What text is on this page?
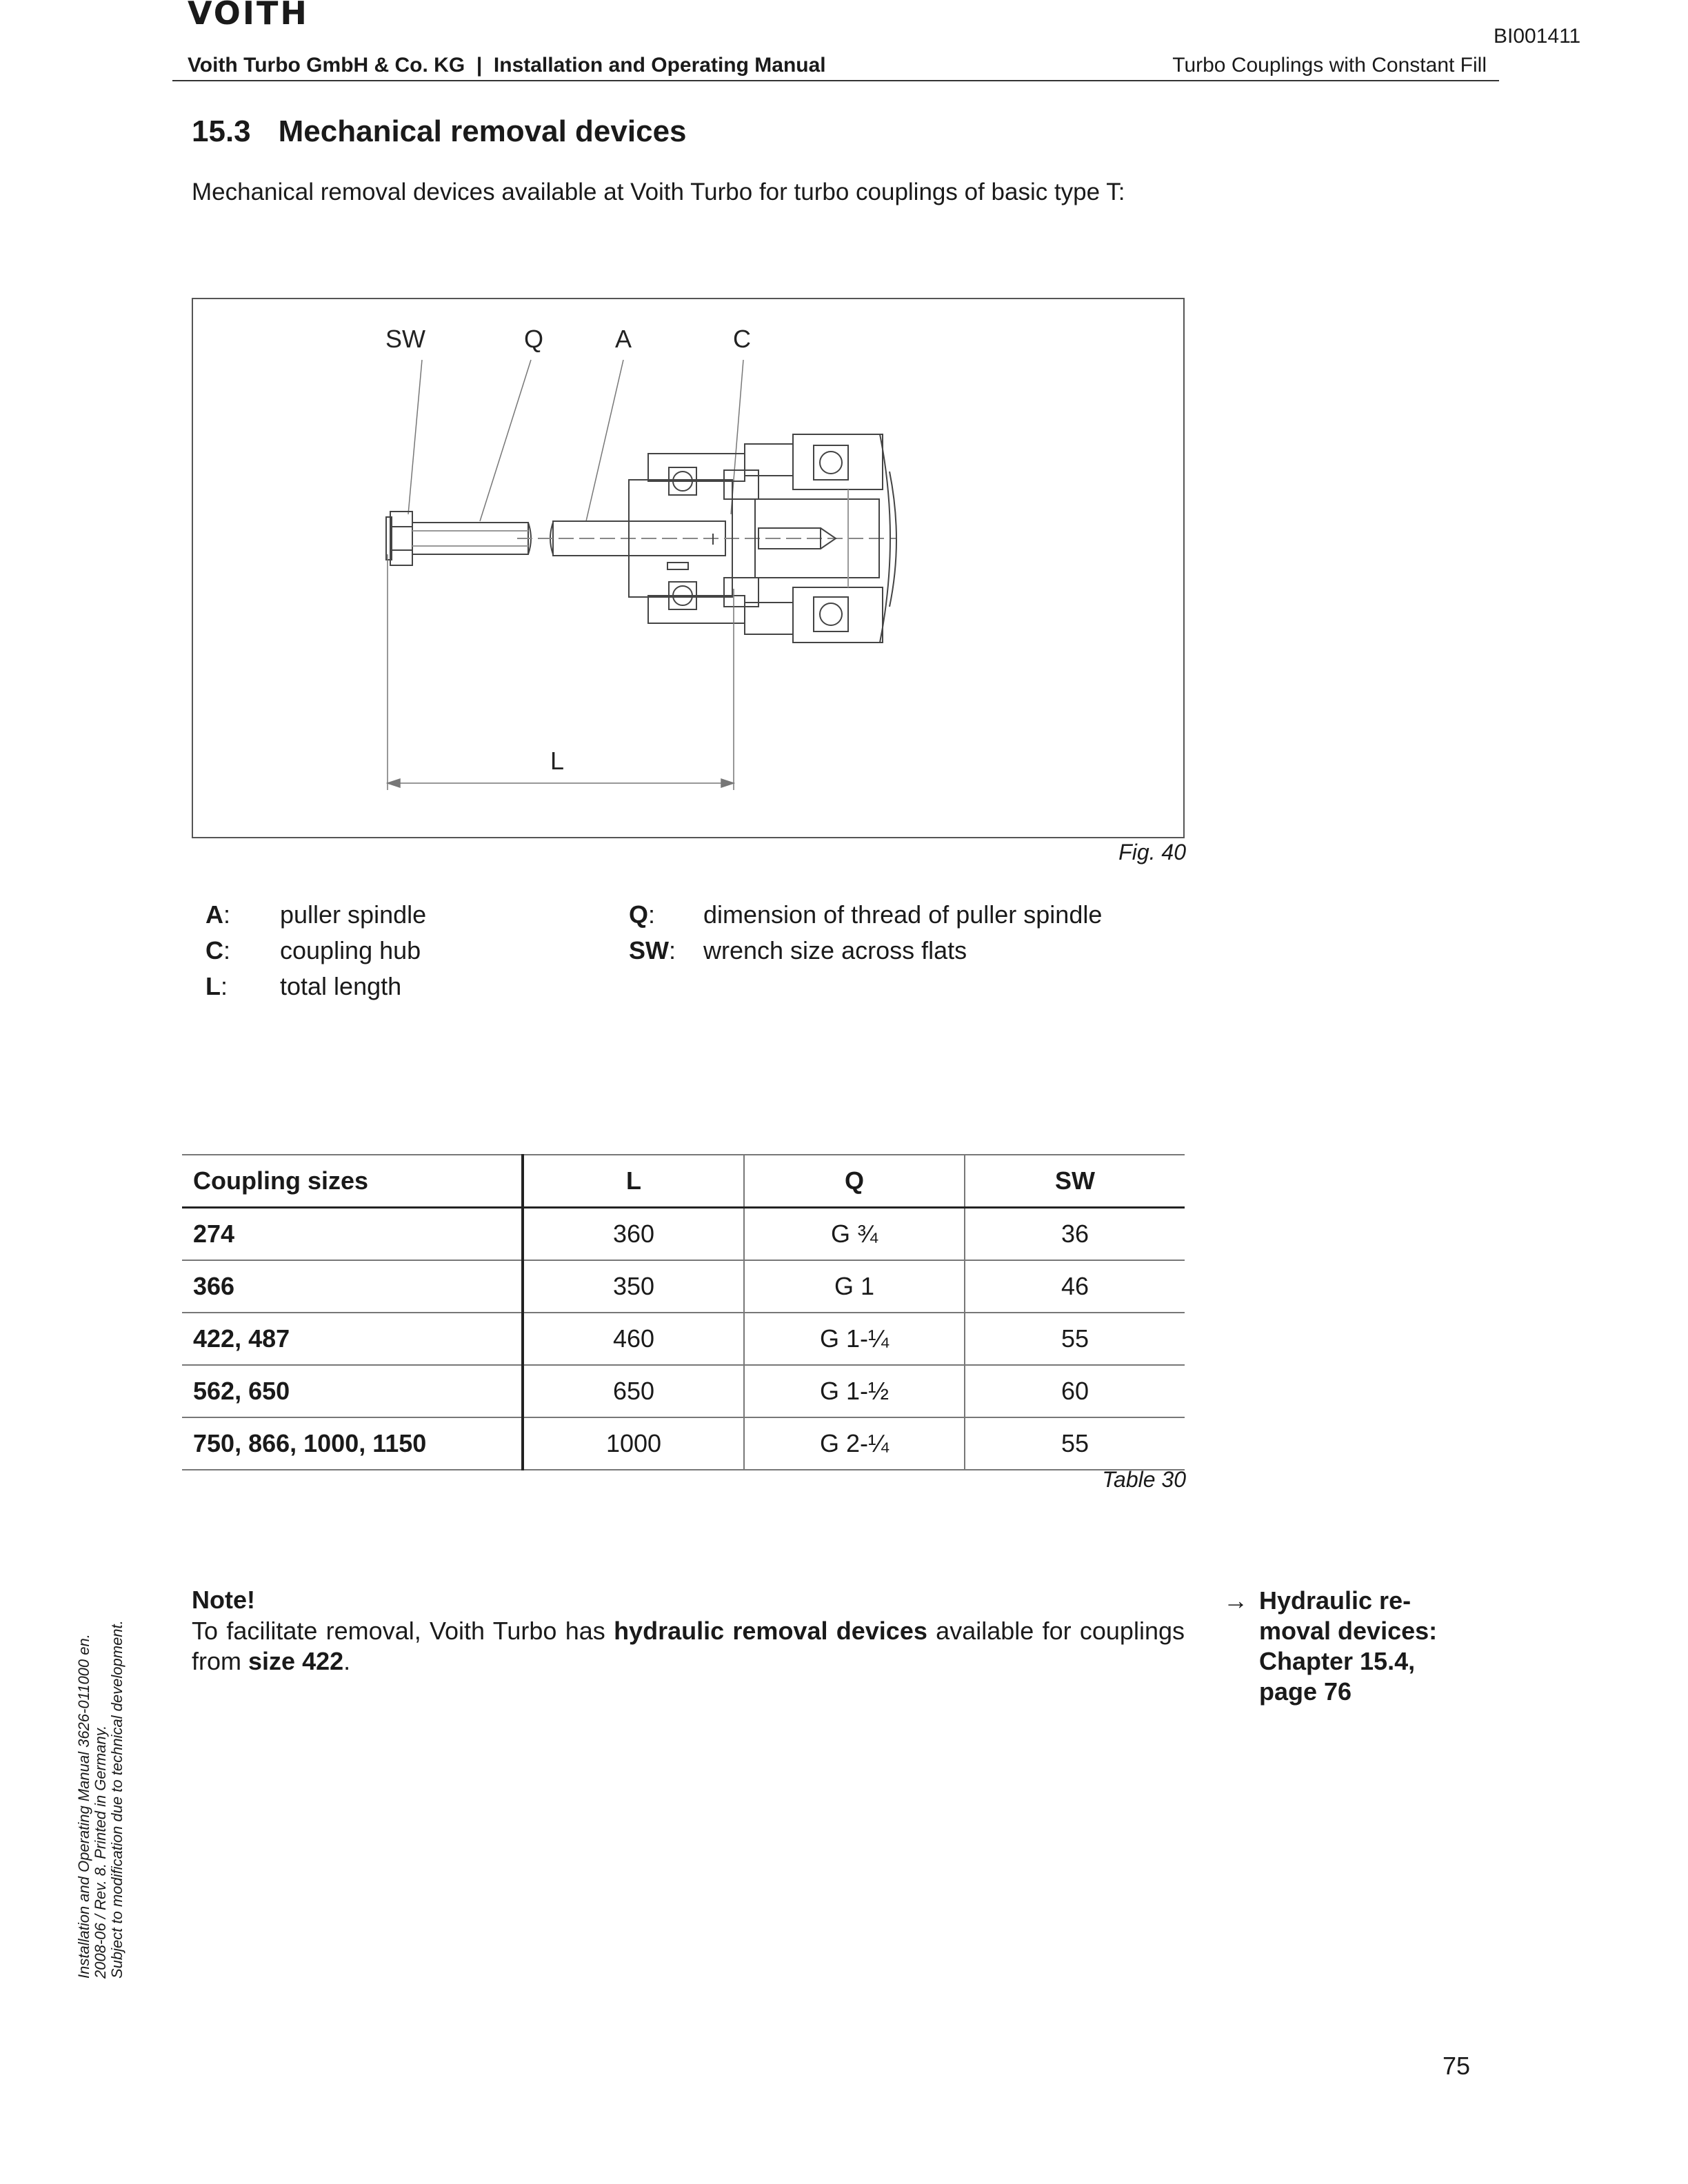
VOITH
BI001411
Voith Turbo GmbH & Co. KG  |  Installation and Operating Manual	Turbo Couplings with Constant Fill
15.3 Mechanical removal devices
Mechanical removal devices available at Voith Turbo for turbo couplings of basic type T:
SW	Q	A	C
L
Fig. 40
A: puller spindle
C: coupling hub
L: total length
Q: dimension of thread of puller spindle
SW: wrench size across flats
Coupling sizes	L	Q	SW
274	360	G ¾	36
366	350	G 1	46
422, 487	460	G 1-¼	55
562, 650	650	G 1-½	60
750, 866, 1000, 1150	1000	G 2-¼	55
Table 30
Note!
To facilitate removal, Voith Turbo has hydraulic removal devices available for couplings from size 422.
→ Hydraulic re-
moval devices:
Chapter 15.4,
page 76
Installation and Operating Manual 3626-011000 en. 2008-06 / Rev. 8. Printed in Germany. Subject to modification due to technical development.
75
